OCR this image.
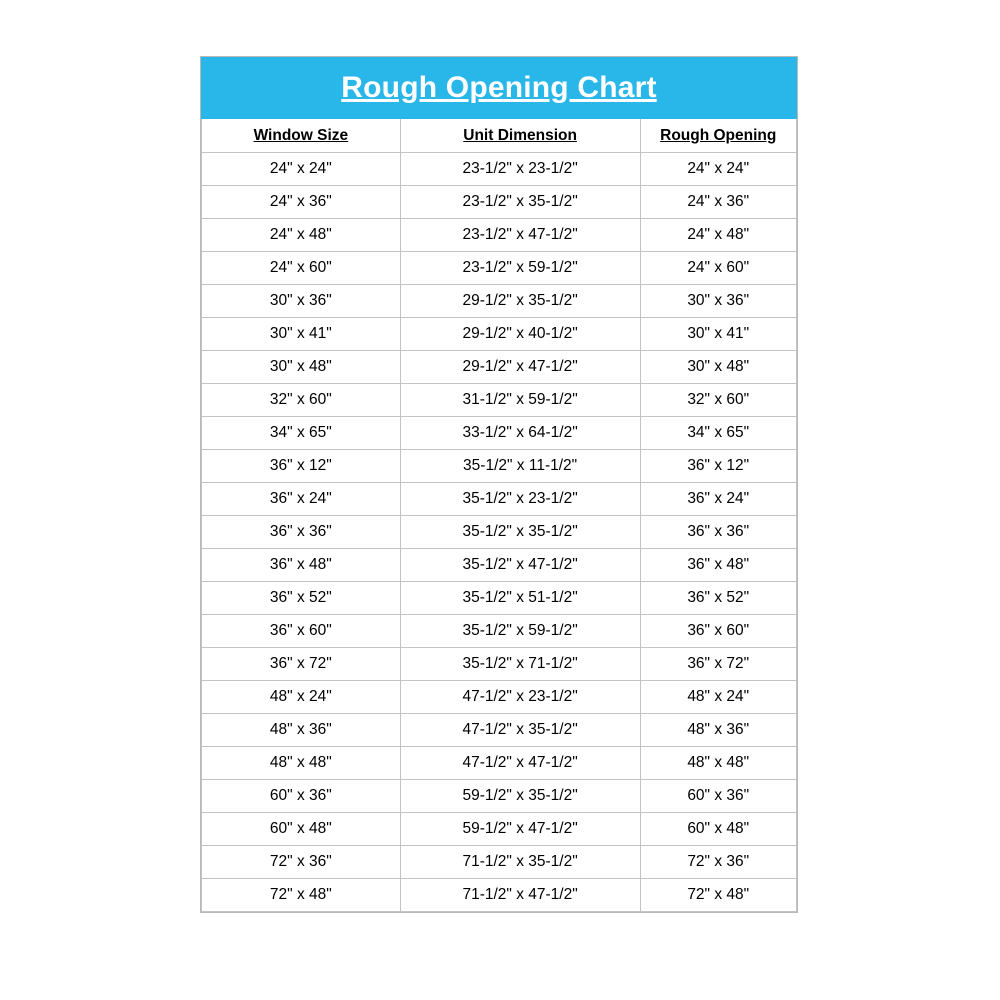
Rough Opening Chart
Window Size	Unit Dimension	Rough Opening
24" x 24"	23-1/2" x 23-1/2"	24" x 24"
24" x 36"	23-1/2" x 35-1/2"	24" x 36"
24" x 48"	23-1/2" x 47-1/2"	24" x 48"
24" x 60"	23-1/2" x 59-1/2"	24" x 60"
30" x 36"	29-1/2" x 35-1/2"	30" x 36"
30" x 41"	29-1/2" x 40-1/2"	30" x 41"
30" x 48"	29-1/2" x 47-1/2"	30" x 48"
32" x 60"	31-1/2" x 59-1/2"	32" x 60"
34" x 65"	33-1/2" x 64-1/2"	34" x 65"
36" x 12"	35-1/2" x 11-1/2"	36" x 12"
36" x 24"	35-1/2" x 23-1/2"	36" x 24"
36" x 36"	35-1/2" x 35-1/2"	36" x 36"
36" x 48"	35-1/2" x 47-1/2"	36" x 48"
36" x 52"	35-1/2" x 51-1/2"	36" x 52"
36" x 60"	35-1/2" x 59-1/2"	36" x 60"
36" x 72"	35-1/2" x 71-1/2"	36" x 72"
48" x 24"	47-1/2" x 23-1/2"	48" x 24"
48" x 36"	47-1/2" x 35-1/2"	48" x 36"
48" x 48"	47-1/2" x 47-1/2"	48" x 48"
60" x 36"	59-1/2" x 35-1/2"	60" x 36"
60" x 48"	59-1/2" x 47-1/2"	60" x 48"
72" x 36"	71-1/2" x 35-1/2"	72" x 36"
72" x 48"	71-1/2" x 47-1/2"	72" x 48"
